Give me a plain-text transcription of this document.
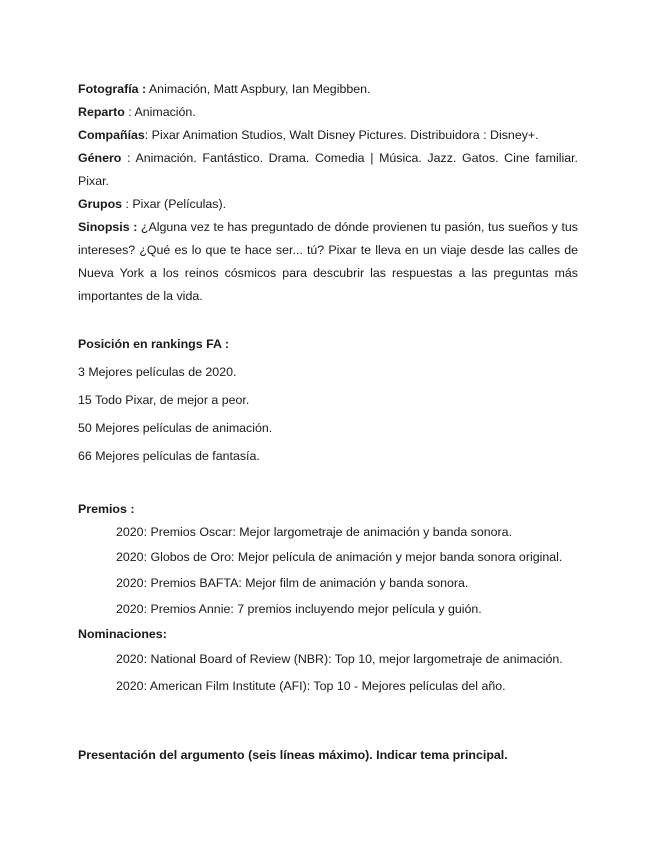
Fotografía : Animación, Matt Aspbury, Ian Megibben.

Reparto : Animación.

Compañías: Pixar Animation Studios, Walt Disney Pictures. Distribuidora : Disney+.

Género : Animación. Fantástico. Drama. Comedia | Música. Jazz. Gatos. Cine familiar. Pixar.

Grupos : Pixar (Películas).

Sinopsis : ¿Alguna vez te has preguntado de dónde provienen tu pasión, tus sueños y tus intereses? ¿Qué es lo que te hace ser... tú? Pixar te lleva en un viaje desde las calles de Nueva York a los reinos cósmicos para descubrir las respuestas a las preguntas más importantes de la vida.

Posición en rankings FA :

3 Mejores películas de 2020.

15 Todo Pixar, de mejor a peor.

50 Mejores películas de animación.

66 Mejores películas de fantasía.

Premios :

2020: Premios Oscar: Mejor largometraje de animación y banda sonora.

2020: Globos de Oro: Mejor película de animación y mejor banda sonora original.

2020: Premios BAFTA: Mejor film de animación y banda sonora.

2020: Premios Annie: 7 premios incluyendo mejor película y guión.

Nominaciones:

2020: National Board of Review (NBR): Top 10, mejor largometraje de animación.

2020: American Film Institute (AFI): Top 10 - Mejores películas del año.

Presentación del argumento (seis líneas máximo). Indicar tema principal.
